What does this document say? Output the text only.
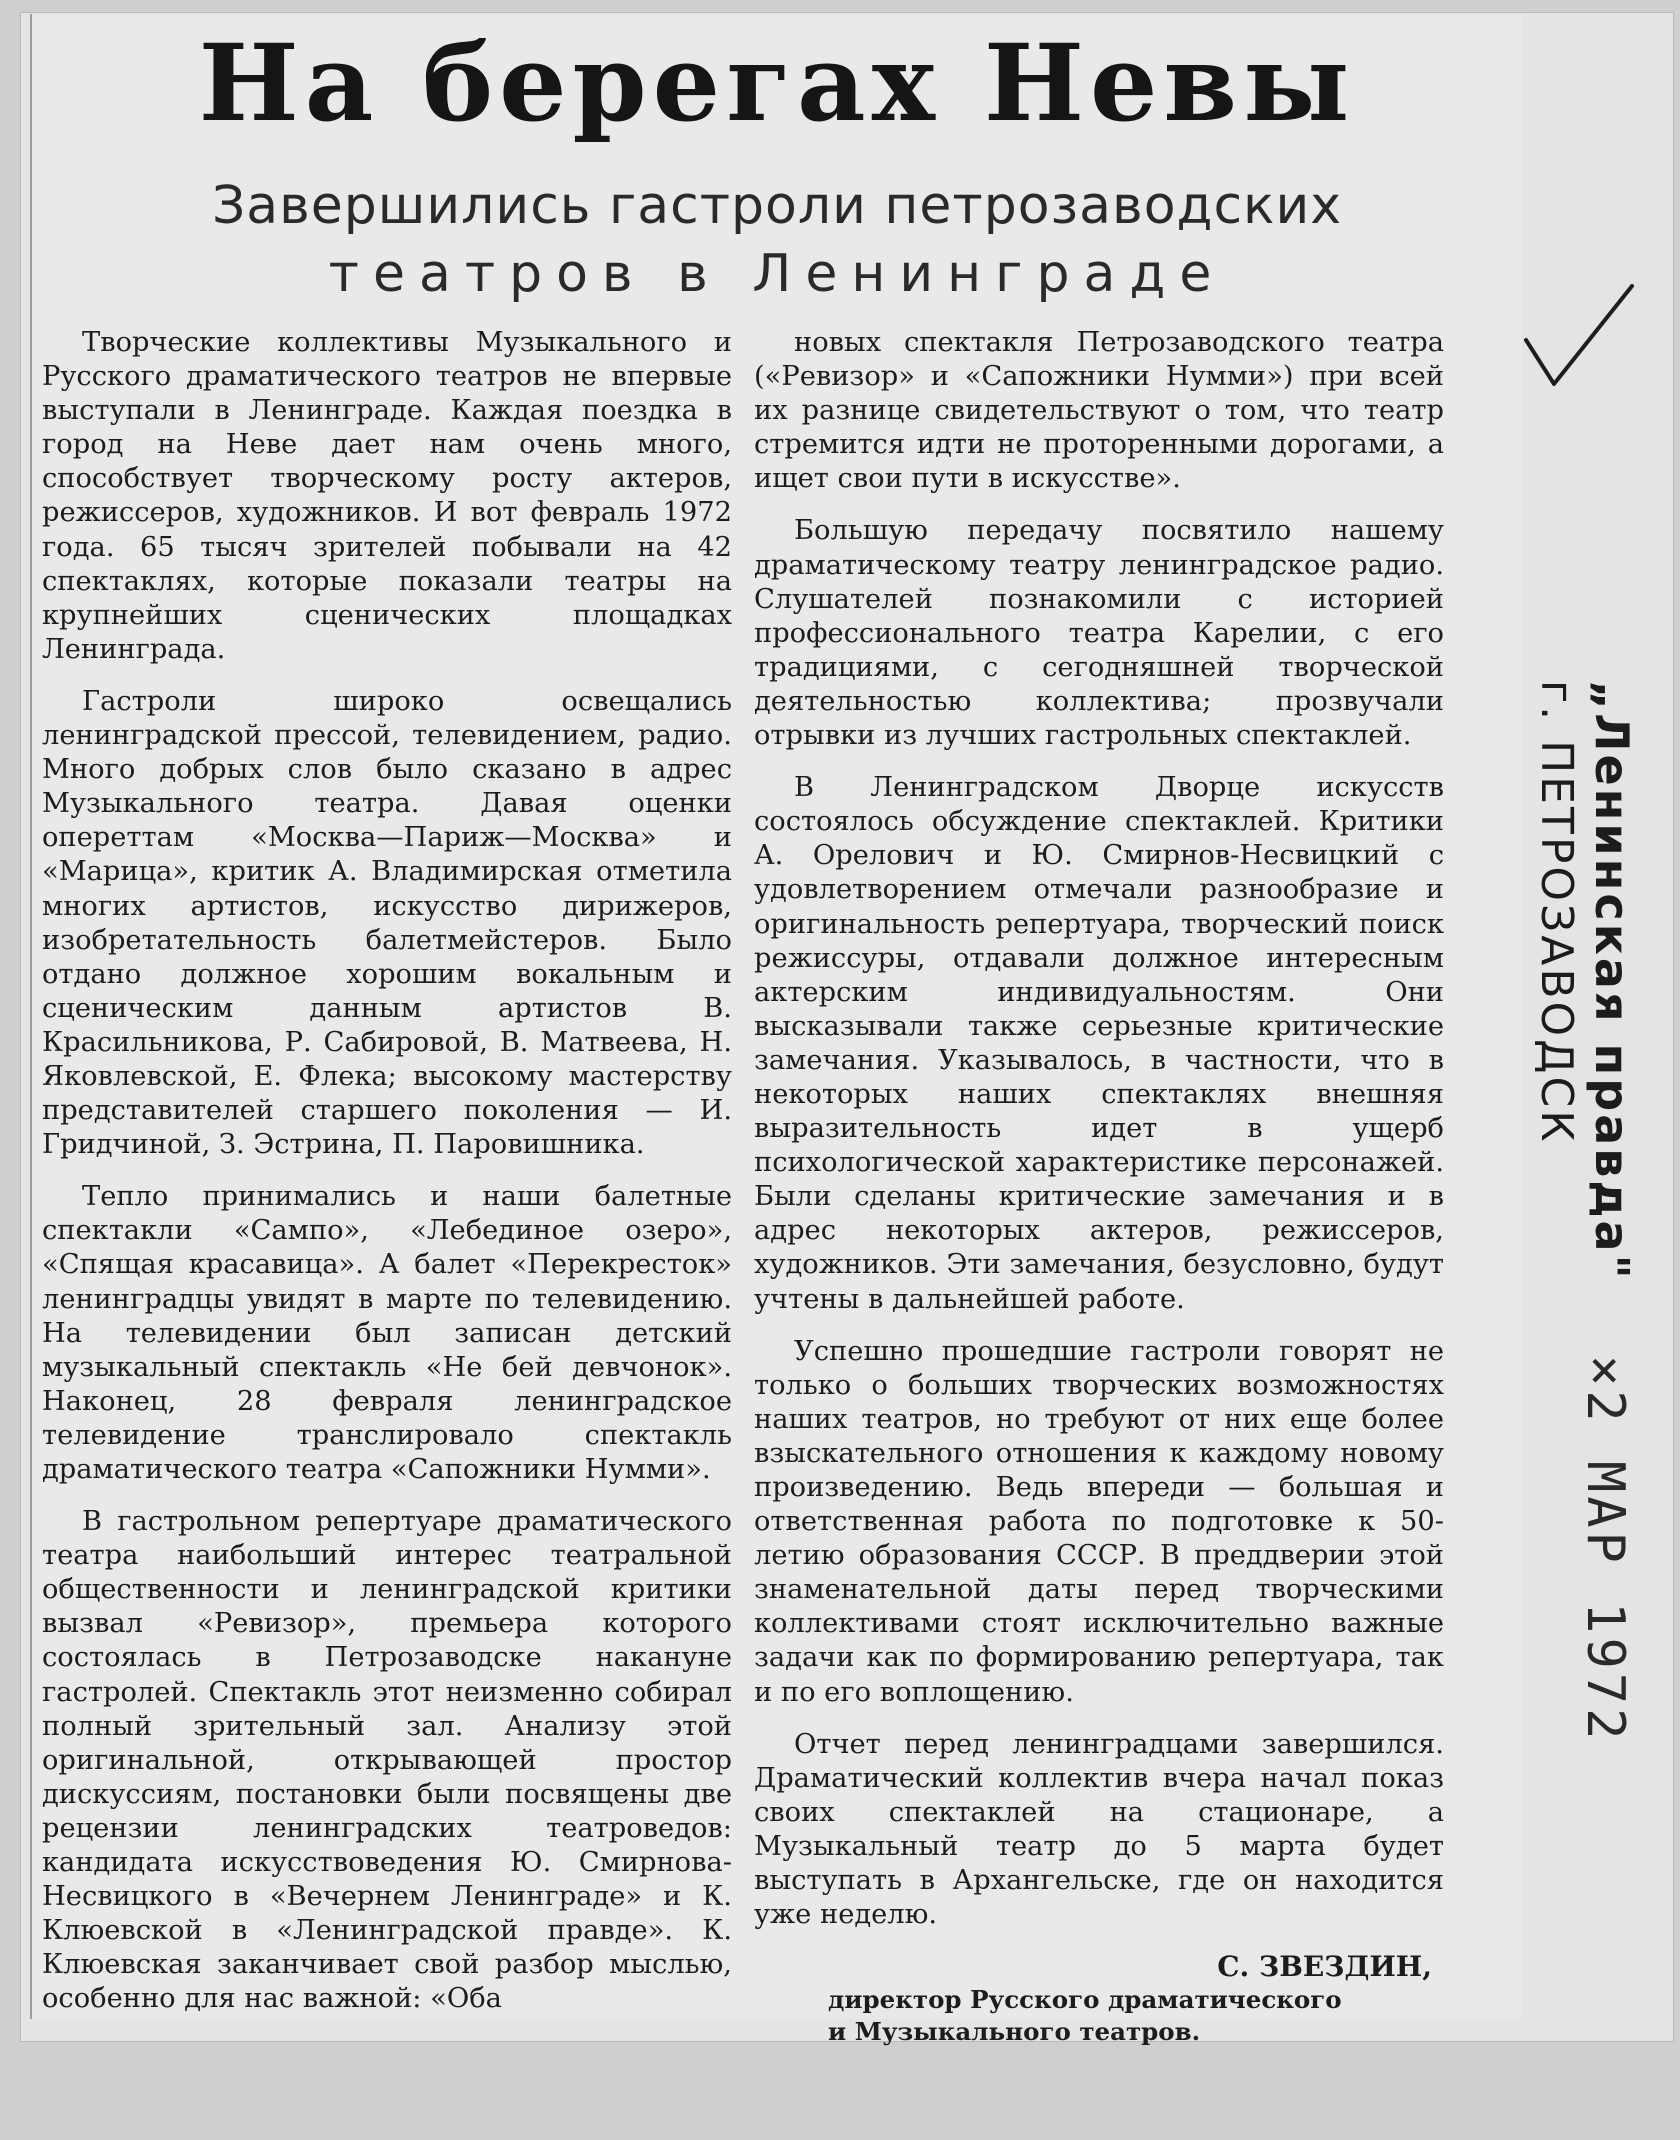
На берегах Невы
Завершились гастроли петрозаводских
театров в Ленинграде

Творческие коллективы Музыкального и Русского драматического театров не впервые выступали в Ленинграде. Каждая поездка в город на Неве дает нам очень много, способствует творческому росту актеров, режиссеров, художников. И вот февраль 1972 года. 65 тысяч зрителей побывали на 42 спектаклях, которые показали театры на крупнейших сценических площадках Ленинграда.

Гастроли широко освещались ленинградской прессой, телевидением, радио. Много добрых слов было сказано в адрес Музыкального театра. Давая оценки опереттам «Москва—Париж—Москва» и «Марица», критик А. Владимирская отметила многих артистов, искусство дирижеров, изобретательность балетмейстеров. Было отдано должное хорошим вокальным и сценическим данным артистов В. Красильникова, Р. Сабировой, В. Матвеева, Н. Яковлевской, Е. Флека; высокому мастерству представителей старшего поколения — И. Гридчиной, З. Эстрина, П. Паровишника.

Тепло принимались и наши балетные спектакли «Сампо», «Лебединое озеро», «Спящая красавица». А балет «Перекресток» ленинградцы увидят в марте по телевидению. На телевидении был записан детский музыкальный спектакль «Не бей девчонок». Наконец, 28 февраля ленинградское телевидение транслировало спектакль драматического театра «Сапожники Нумми».

В гастрольном репертуаре драматического театра наибольший интерес театральной общественности и ленинградской критики вызвал «Ревизор», премьера которого состоялась в Петрозаводске накануне гастролей. Спектакль этот неизменно собирал полный зрительный зал. Анализу этой оригинальной, открывающей простор дискуссиям, постановки были посвящены две рецензии ленинградских театроведов: кандидата искусствоведения Ю. Смирнова-Несвицкого в «Вечернем Ленинграде» и К. Клюевской в «Ленинградской правде». К. Клюевская заканчивает свой разбор мыслью, особенно для нас важной: «Оба

новых спектакля Петрозаводского театра («Ревизор» и «Сапожники Нумми») при всей их разнице свидетельствуют о том, что театр стремится идти не проторенными дорогами, а ищет свои пути в искусстве».

Большую передачу посвятило нашему драматическому театру ленинградское радио. Слушателей познакомили с историей профессионального театра Карелии, с его традициями, с сегодняшней творческой деятельностью коллектива; прозвучали отрывки из лучших гастрольных спектаклей.

В Ленинградском Дворце искусств состоялось обсуждение спектаклей. Критики А. Орелович и Ю. Смирнов-Несвицкий с удовлетворением отмечали разнообразие и оригинальность репертуара, творческий поиск режиссуры, отдавали должное интересным актерским индивидуальностям. Они высказывали также серьезные критические замечания. Указывалось, в частности, что в некоторых наших спектаклях внешняя выразительность идет в ущерб психологической характеристике персонажей. Были сделаны критические замечания и в адрес некоторых актеров, режиссеров, художников. Эти замечания, безусловно, будут учтены в дальнейшей работе.

Успешно прошедшие гастроли говорят не только о больших творческих возможностях наших театров, но требуют от них еще более взыскательного отношения к каждому новому произведению. Ведь впереди — большая и ответственная работа по подготовке к 50-летию образования СССР. В преддверии этой знаменательной даты перед творческими коллективами стоят исключительно важные задачи как по формированию репертуара, так и по его воплощению.

Отчет перед ленинградцами завершился. Драматический коллектив вчера начал показ своих спектаклей на стационаре, а Музыкальный театр до 5 марта будет выступать в Архангельске, где он находится уже неделю.

С. ЗВЕЗДИН,
директор Русского драматического
и Музыкального театров.
„Ленинская правда"
г. ПЕТРОЗАВОДСК
×2 МАР 1972
